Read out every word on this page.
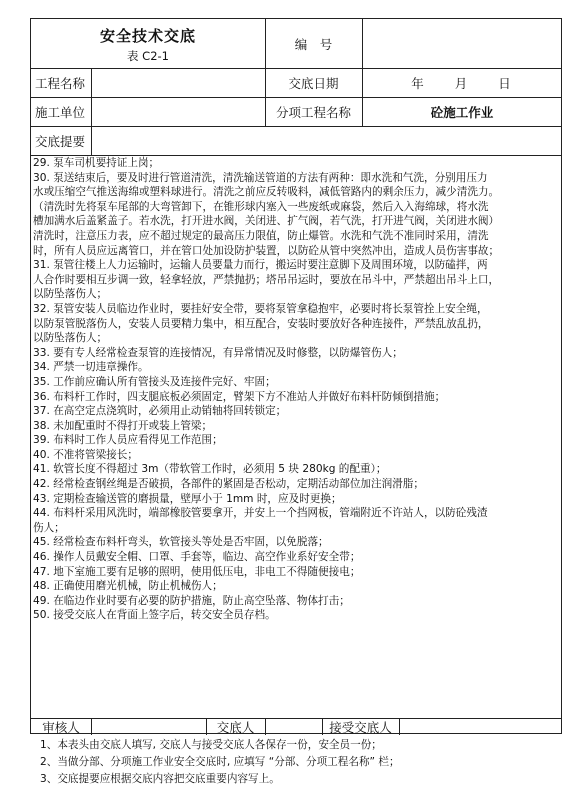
安全技术交底
表 C2-1
编　号
工程名称	交底日期	年　　月　　日
施工单位	分项工程名称	砼施工作业
交底提要
29. 泵车司机要持证上岗；
30. 泵送结束后，要及时进行管道清洗，清洗输送管道的方法有两种：即水洗和气洗，分别用压力
水或压缩空气推送海绵或塑料球进行。清洗之前应反转吸料，减低管路内的剩余压力，减少清洗力。
（清洗时先将泵车尾部的大弯管卸下，在锥形球内塞入一些废纸或麻袋，然后入入海绵球，将水洗
槽加满水后盖紧盖子。若水洗，打开进水阀，关闭进、扩气阀，若气洗，打开进气阀，关闭进水阀）
清洗时，注意压力表，应不超过规定的最高压力限值，防止爆管。水洗和气洗不准同时采用，清洗
时，所有人员应远离管口，并在管口处加设防护装置，以防砼从管中突然冲出，造成人员伤害事故；
31. 泵管往楼上人力运输时，运输人员要量力而行，搬运时要注意脚下及周围环境，以防磕拌，两
人合作时要相互步调一致，轻拿轻放，严禁抛扔；塔吊吊运时，要放在吊斗中，严禁超出吊斗上口，
以防坠落伤人；
32. 泵管安装人员临边作业时，要挂好安全带，要将泵管拿稳抱牢，必要时将长泵管拴上安全绳，
以防泵管脱落伤人，安装人员要精力集中，相互配合，安装时要放好各种连接件，严禁乱放乱扔，
以防坠落伤人；
33. 要有专人经常检查泵管的连接情况，有异常情况及时修整，以防爆管伤人；
34. 严禁一切违章操作。
35. 工作前应确认所有管接头及连接件完好、牢固；
36. 布料杆工作时，四支腿底板必须固定，臂架下方不准站人并做好布料杆防倾倒措施；
37. 在高空定点浇筑时，必须用止动销轴将回转锁定；
38. 未加配重时不得打开或装上管梁；
39. 布料时工作人员应看得见工作范围；
40. 不准将管梁接长；
41. 软管长度不得超过 3m（带软管工作时，必须用 5 块 280kg 的配重）；
42. 经常检查钢丝绳是否破损，各部件的紧固是否松动，定期活动部位加注润滑脂；
43. 定期检查输送管的磨损量，壁厚小于 1mm 时，应及时更换；
44. 布料杆采用风洗时，端部橡胶管要拿开，并安上一个挡网板，管端附近不许站人，以防砼残渣
伤人；
45. 经常检查布料杆弯头，软管接头等处是否牢固，以免脱落；
46. 操作人员戴安全帽、口罩、手套等，临边、高空作业系好安全带；
47. 地下室施工要有足够的照明，使用低压电，非电工不得随便接电；
48. 正确使用磨光机械，防止机械伤人；
49. 在临边作业时要有必要的防护措施，防止高空坠落、物体打击；
50. 接受交底人在背面上签字后，转交安全员存档。
审核人	交底人	接受交底人
1、本表头由交底人填写, 交底人与接受交底人各保存一份，安全员一份；
2、当做分部、分项施工作业安全交底时, 应填写 “分部、分项工程名称” 栏；
3、交底提要应根据交底内容把交底重要内容写上。
